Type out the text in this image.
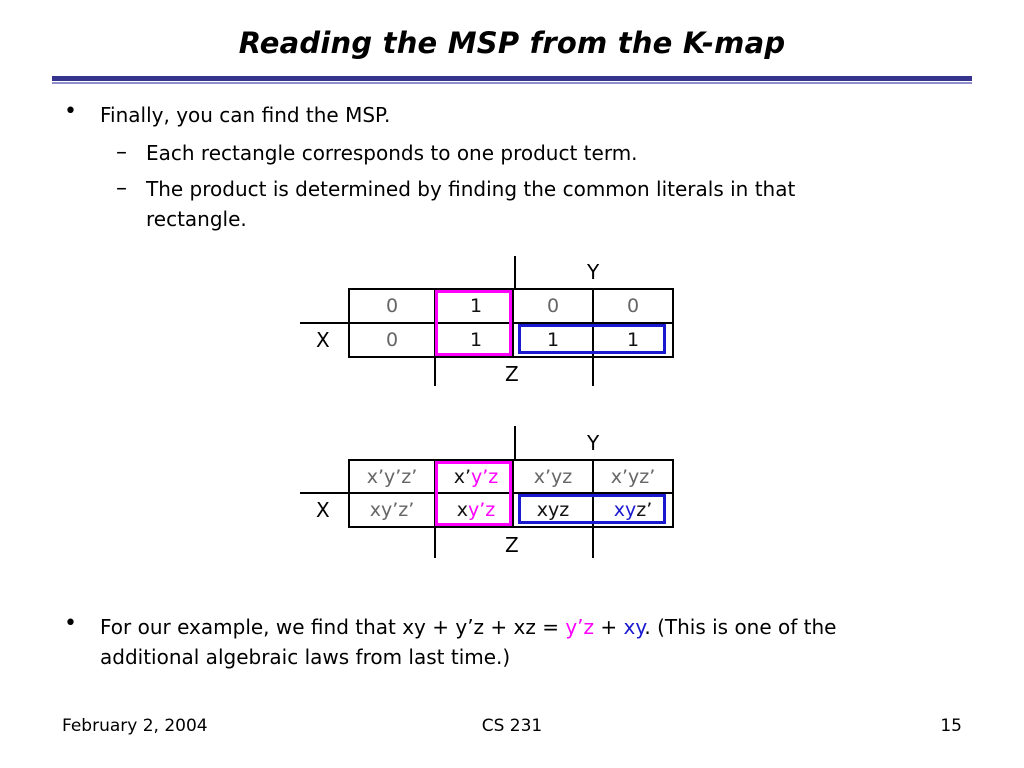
Reading the MSP from the K-map
• Finally, you can find the MSP.
– Each rectangle corresponds to one product term.
– The product is determined by finding the common literals in that
rectangle.
Y
X
Z
0	1	0	0
0	1	1	1
Y
X
Z
x’y’z’	x’y’z	x’yz	x’yz’
xy’z’	xy’z	xyz	xyz’
• For our example, we find that xy + y’z + xz = y’z + xy. (This is one of the
additional algebraic laws from last time.)
February 2, 2004	CS 231	15
